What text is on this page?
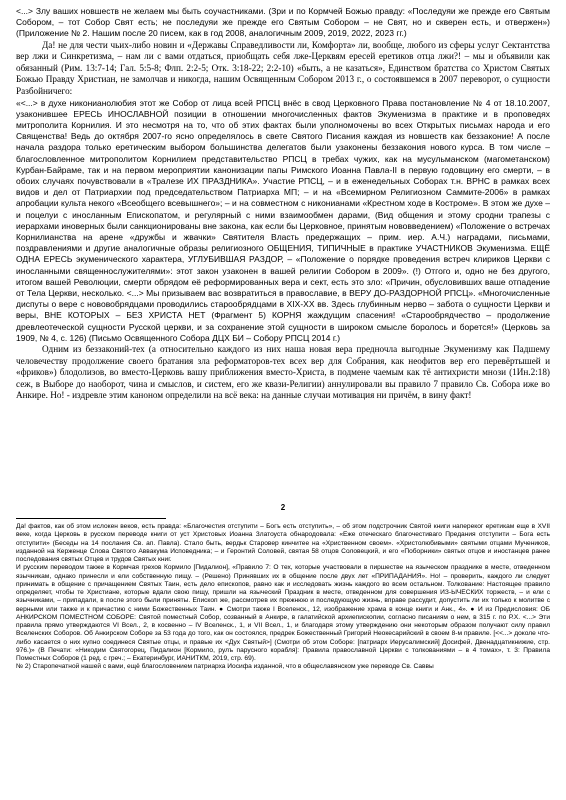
<...> Злу ваших новшеств не желаем мы быть соучастниками. (Зри и по Кормчей Божью правду: «Последуяи же прежде его Святым Собором, – тот Собор Свят есть; не последуяи же прежде его Святым Собором – не Свят, но и скверен есть, и отвержен») (Приложение № 2. Нашим после 20 писем, как в год 2008, аналогичным 2009, 2019, 2022, 2023 гг.)

Да! не для чести чьих-либо новин и «Державы Справедливости ли, Комфорта» ли, вообще, любого из сферы услуг Сектантства вер лжи и Синкретизма, – нам ли с вами отдаться, приобщать себя лже-Церквям ересей еретиков отца лжи?! – мы и объявили как обязанный (Рим. 13:7-14; Гал. 5:5-8; Флп. 2:2-5; Отк. 3:18-22; 2:2-10) «быть, а не казаться», Единством братства со Христом Святых Божью Правду Христиан, не замолчав и никогда, нашим Освященным Собором 2013 г., о состоявшемся в 2007 переворот, о сущности Разбойничего:

«<...> в духе никонианолюбия этот же Собор от лица всей РПСЦ внёс в свод Церковного Права постановление № 4 от 18.10.2007, узаконившее ЕРЕСЬ ИНОСЛАВНОЙ позиции в отношении многочисленных фактов Экуменизма в практике и в проповедях митрополита Корнилия. И это несмотря на то, что об этих фактах были уполномочены во всех Открытых письмах народа и его Священства! Ведь до октября 2007-го ясно определялось в свете Святого Писания каждая из новшеств как беззаконие! А после начала раздора только еретическим выбором большинства делегатов были узаконены беззакония нового курса. В том числе – благословленное митрополитом Корнилием представительство РПСЦ в требах чужих, как на мусульманском (магометанском) Курбан-Байраме, так и на первом мероприятии канонизации папы Римского Иоанна Павла-II в первую годовщину его смерти, – в обоих случаях почувствовали в «Тралезе ИХ ПРАЗДНИКА». Участие РПСЦ, – и в еженедельных Соборах т.н. ВРНС в рамках всех видов и дел от Патриархии под председательством Патриарха МП; – и на «Всемирном Религиозном Саммите-2006» в рамках апробации культа некого «Всеобщего всевышнего»; – и на совместном с никонианами «Крестном ходе в Костроме». В этом же духе – и поцелуи с иносланным Епископатом, и регулярный с ними взаимообмен дарами, (Вид общения и этому сродни трапезы с иерархами иноверных были санкционированы вне закона, как если бы Церковное, принятым нововведением) «Положение о встречах Корнилианства на арене «дружбы и жвачки» Святителя Власть предержащих – прим. иер. А.Ч.) наградами, письмами, поздравлениями и другие аналогичные образы религиозного ОБЩЕНИЯ, ТИПИЧНЫЕ в практике УЧАСТНИКОВ Экуменизма. ЕЩЁ ОДНА ЕРЕСЬ экуменического характера, УГЛУБИВШАЯ РАЗДОР, – «Положение о порядке проведения встреч клириков Церкви с иносланными священнослужителями»: этот закон узаконен в вашей религии Собором в 2009». (!) Отгого и, одно не без другого, итогом вашей Революции, смерти обрядом её реформированных вера и сект, есть это зло: «Причин, обусловивших ваше отпадение от Тела Церкви, несколько. <...> Мы призываем вас возвратиться в православие, в ВЕРУ ДО-РАЗДОРНОЙ РПСЦ». «Многочисленные диспуты о вере с нововобрядцами проводились старообрядцами в XIX-XX вв. Здесь глубинным нерво – забота о сущности Церкви и веры, ВНЕ КОТОРЫХ – БЕЗ ХРИСТА НЕТ (Фрагмент 5) КОРНЯ жаждущим спасения! «Старообрядчество – продолжение древлеотеческой сущности Русской церкви, и за сохранение этой сущности в широком смысле боролось и борется!» (Церковь за 1909, № 4, с. 126) (Письмо Освященного Собора ДЦХ БИ – Собору РПСЦ 2014 г.)

Одним из беззаконий-тех (а относительно каждого из них наша новая вера предночла выгодные Экуменизму как Падшему человечеству продолжение своего братания зла реформаторов-тех всех вер для Собрания, как неофитов вер его перевёртышей и «фриков») блодолизов, во вместо-Церковь вашу приближения вместо-Христа, в подмене чаемым как тё антихристи мнози (1Ин.2:18) сеж, в Выборе до наоборот, чина и смыслов, и систем, его же квази-Религии) аннулировали вы правило 7 правило Св. Собора иже во Анкире. Но! - издревле этим каноном определили на всё века: на данные случаи мотивация ни причём, в вину факт!

2

Да! фактов, как об этом ислокен веков, есть правда: «Благочестия отступити – Богъ есть отступить», – об этом подстрочник Святой книги напереког еретикам еще в XVII веке, когда Церковь в русском переводе книги от уст Христовых Иоанна Златоуста обнародовала: «Еже отеческаго благочестиваго Предания отступити – Бога есть отступити» (Беседы на 14 послания Св. ап. Павла). Стало быть, вердьк Старовер кинчитее на «Хриственном своем». «Христолюбивыми» святыми отцами Мучеников, изданной на Керженце Слова Святого Аввакума Исповедника; – и Геронтий Соловей, святая 58 отцов Соловецкий, и его «Поборники» святых отцов и иностанцев ранее последования святых Отцев и трудов Святых книг.

И русским переводом также в Кормчая грехов Кормило [Пидалион], «Правило 7: О тех, которые участвовали в пиршестве на языческом празднике в месте, отведенном язычникам, однако принесли и ели собственную пищу. – (Решено) Принявших их в общение после двух лет «ПРИПАДАНИЯ». Но! – проверить, каждого ли следует принимать в общение с причащением Святых Таин, есть дело епископов, равно как и исследовать жизнь каждого во всем остальном. Толкование: Настоящее правило определяет, чтобы те Христиане, которые вдали свою пищу, пришли на языческий Праздник в месте, отведенном для совершения ИЗ-ЫЧЕСКИХ торжеств, – и ели с язычниками, – припадали, в после этого были приняты. Епископ же, рассмотрев их прежнюю и последующую жизнь, вправе рассудит, допустить ли их только к молитве с верными или также и к причастию с ними Божественных Таин. ● Смотри также I Вселенск., 12, изображение храма в конце книги и Анк., 4». ● И из Предисловия: ОБ АНКИРСКОМ ПОМЕСТНОМ СОБОРЕ: Святой поместный Собор, созванный в Анкире, в галатийской архиепископии, согласно писаниям о нем, в 315 г. по Р.Х. <...> Эти правила прямо утверждаются VI Всел., 2, в косвенно – IV Вселенск., 1, и VII Всел., 1, и благодаря этому утверждению они некоторым образом получают силу правил Вселенских Соборов. Об Анкирском Соборе за 53 года до того, как он состоялся, предрек Божественный Григорий Неокесарийский в своем 8-м правиле. [<<...> доколе что-либо касается о них купно соединеся Святые отцы, и правые их <Дух Святый>] (Смотри об этом Соборе: [патриарх Иерусалимский] Досифей, Двенадцатикнижие, стр. 976.)» (В Печати: «Никодим Святогорец, Пидалион [Кормило, рулъ парусного корабля]: Правила православной Церкви с толкованиями – в 4 томах», т. 3: Правила Поместных Соборов (1 ред. с греч.; – Екатеринбург, ИАНИТКМ, 2019, стр. 69).

№ 2) Старопечатной нашей с вами, ещё благословением патриарха Иосифа изданной, что в общеславянском уже переводе Св. Саввы
